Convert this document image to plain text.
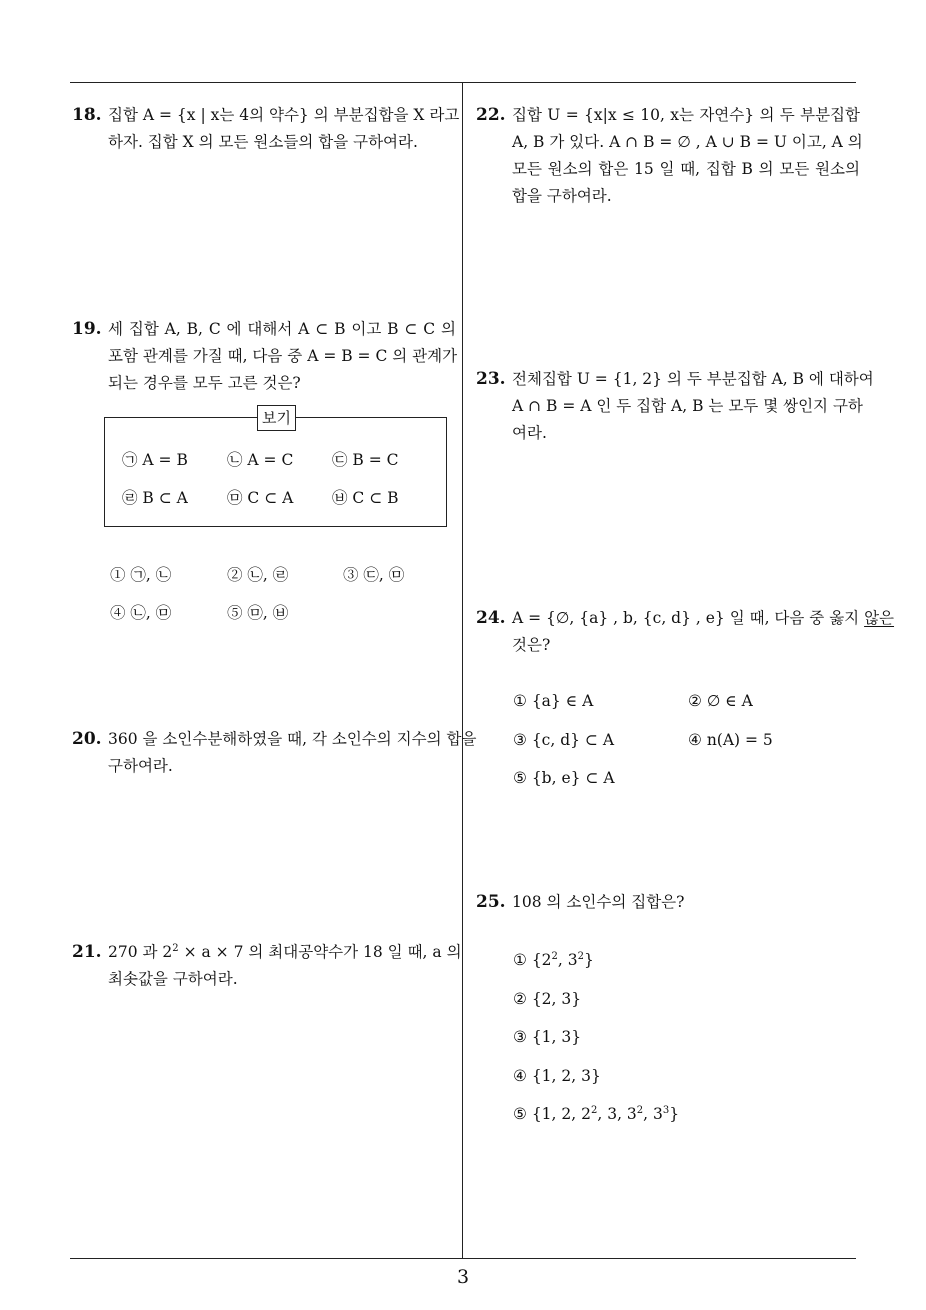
3
18. 집합 A = {x | x는 4의 약수} 의 부분집합을 X 라고
하자. 집합 X 의 모든 원소들의 합을 구하여라.
19. 세 집합 A, B, C 에 대해서 A ⊂ B 이고 B ⊂ C 의
포함 관계를 가질 때, 다음 중 A = B = C 의 관계가
되는 경우를 모두 고른 것은?
보기
㉠ A = B	㉡ A = C ㉢ B = C
㉣ B ⊂ A	㉤ C ⊂ A ㉥ C ⊂ B
① ㉠, ㉡	② ㉡, ㉣	③ ㉢, ㉤
④ ㉡, ㉤	⑤ ㉤, ㉥
20. 360 을 소인수분해하였을 때, 각 소인수의 지수의 합을
구하여라.
21. 270 과 $2^2 \times a \times 7$ 의 최대공약수가 18 일 때, a 의
최솟값을 구하여라.
22. 집합 U = {x|x ≤ 10, x는 자연수} 의 두 부분집합
A, B 가 있다. A ∩ B = ∅ , A ∪ B = U 이고, A 의
모든 원소의 합은 15 일 때, 집합 B 의 모든 원소의
합을 구하여라.
23. 전체집합 U = {1, 2} 의 두 부분집합 A, B 에 대하여
A ∩ B = A 인 두 집합 A, B 는 모두 몇 쌍인지 구하
여라.
24. A = {∅, {a} , b, {c, d} , e} 일 때, 다음 중 옳지 않은
것은?
① {a} ∈ A	② ∅ ∈ A
③ {c, d} ⊂ A	④ n(A) = 5
⑤ {b, e} ⊂ A
25. 108 의 소인수의 집합은?
① {$2^2$, $3^2$}
② {2, 3}
③ {1, 3}
④ {1, 2, 3}
⑤ {1, 2, $2^2$, 3, $3^2$, $3^3$}
